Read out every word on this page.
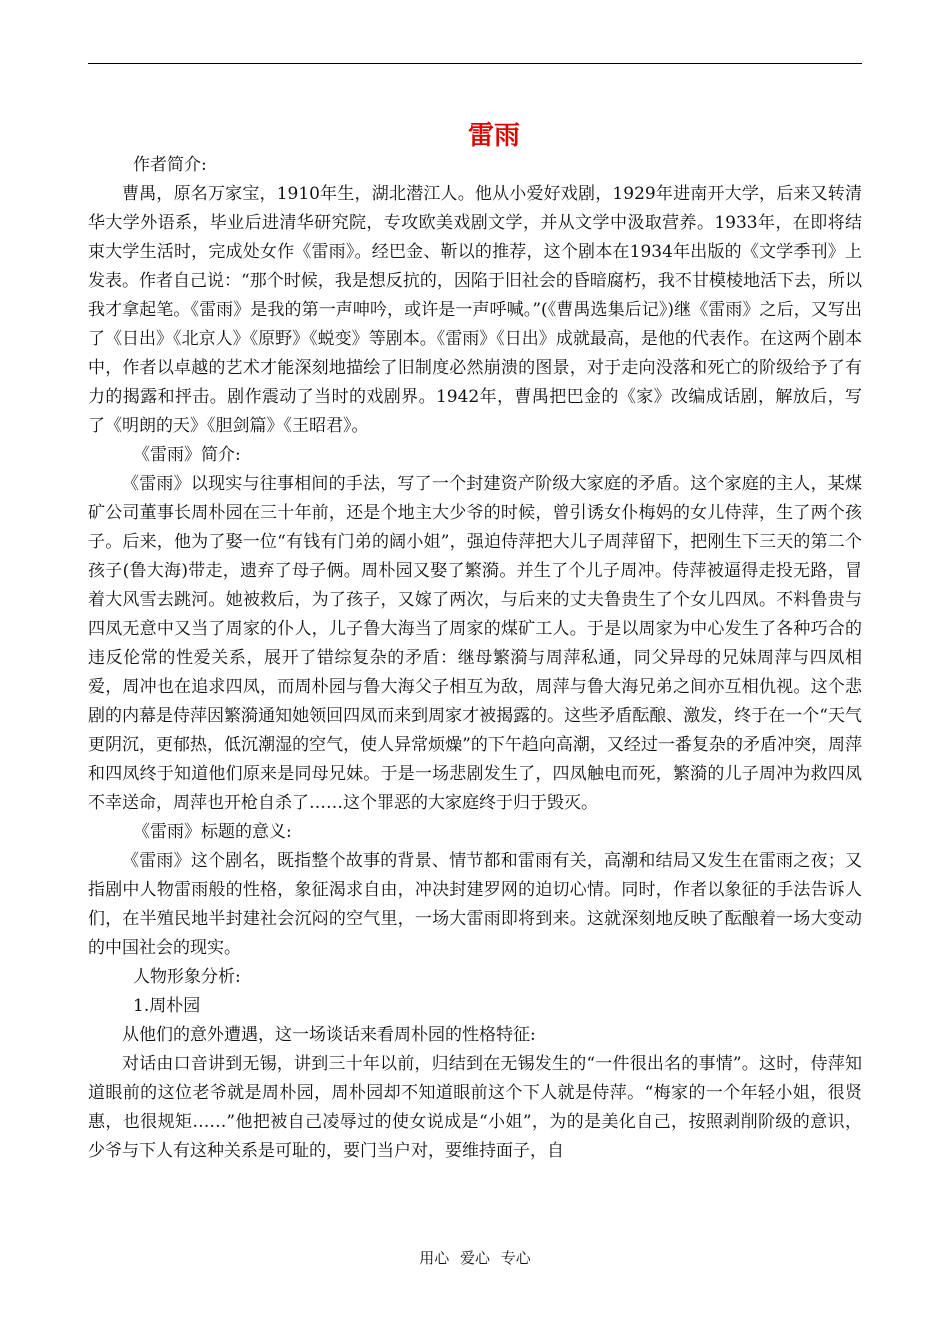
雷雨

作者简介:

曹禺，原名万家宝，1910年生，湖北潜江人。他从小爱好戏剧，1929年进南开大学，后来又转清华大学外语系，毕业后进清华研究院，专攻欧美戏剧文学，并从文学中汲取营养。1933年，在即将结束大学生活时，完成处女作《雷雨》。经巴金、靳以的推荐，这个剧本在1934年出版的《文学季刊》上发表。作者自己说：“那个时候，我是想反抗的，因陷于旧社会的昏暗腐朽，我不甘模棱地活下去，所以我才拿起笔。《雷雨》是我的第一声呻吟，或许是一声呼喊。”(《曹禺选集后记》)继《雷雨》之后，又写出了《日出》《北京人》《原野》《蜕变》等剧本。《雷雨》《日出》成就最高，是他的代表作。在这两个剧本中，作者以卓越的艺术才能深刻地描绘了旧制度必然崩溃的图景，对于走向没落和死亡的阶级给予了有力的揭露和抨击。剧作震动了当时的戏剧界。1942年，曹禺把巴金的《家》改编成话剧，解放后，写了《明朗的天》《胆剑篇》《王昭君》。

《雷雨》简介:

《雷雨》以现实与往事相间的手法，写了一个封建资产阶级大家庭的矛盾。这个家庭的主人，某煤矿公司董事长周朴园在三十年前，还是个地主大少爷的时候，曾引诱女仆梅妈的女儿侍萍，生了两个孩子。后来，他为了娶一位“有钱有门弟的阔小姐”，强迫侍萍把大儿子周萍留下，把刚生下三天的第二个孩子(鲁大海)带走，遗弃了母子俩。周朴园又娶了繁漪。并生了个儿子周冲。侍萍被逼得走投无路，冒着大风雪去跳河。她被救后，为了孩子，又嫁了两次，与后来的丈夫鲁贵生了个女儿四凤。不料鲁贵与四凤无意中又当了周家的仆人，儿子鲁大海当了周家的煤矿工人。于是以周家为中心发生了各种巧合的违反伦常的性爱关系，展开了错综复杂的矛盾：继母繁漪与周萍私通，同父异母的兄妹周萍与四凤相爱，周冲也在追求四凤，而周朴园与鲁大海父子相互为敌，周萍与鲁大海兄弟之间亦互相仇视。这个悲剧的内幕是侍萍因繁漪通知她领回四凤而来到周家才被揭露的。这些矛盾酝酿、激发，终于在一个“天气更阴沉，更郁热，低沉潮湿的空气，使人异常烦燥”的下午趋向高潮，又经过一番复杂的矛盾冲突，周萍和四凤终于知道他们原来是同母兄妹。于是一场悲剧发生了，四凤触电而死，繁漪的儿子周冲为救四凤不幸送命，周萍也开枪自杀了……这个罪恶的大家庭终于归于毁灭。

《雷雨》标题的意义:

《雷雨》这个剧名，既指整个故事的背景、情节都和雷雨有关，高潮和结局又发生在雷雨之夜；又指剧中人物雷雨般的性格，象征渴求自由，冲决封建罗网的迫切心情。同时，作者以象征的手法告诉人们，在半殖民地半封建社会沉闷的空气里，一场大雷雨即将到来。这就深刻地反映了酝酿着一场大变动的中国社会的现实。

人物形象分析:

1.周朴园

从他们的意外遭遇，这一场谈话来看周朴园的性格特征:

对话由口音讲到无锡，讲到三十年以前，归结到在无锡发生的“一件很出名的事情”。这时，侍萍知道眼前的这位老爷就是周朴园，周朴园却不知道眼前这个下人就是侍萍。“梅家的一个年轻小姐，很贤惠，也很规矩……”他把被自己凌辱过的使女说成是“小姐”，为的是美化自己，按照剥削阶级的意识，少爷与下人有这种关系是可耻的，要门当户对，要维持面子，自

用心 爱心 专心
